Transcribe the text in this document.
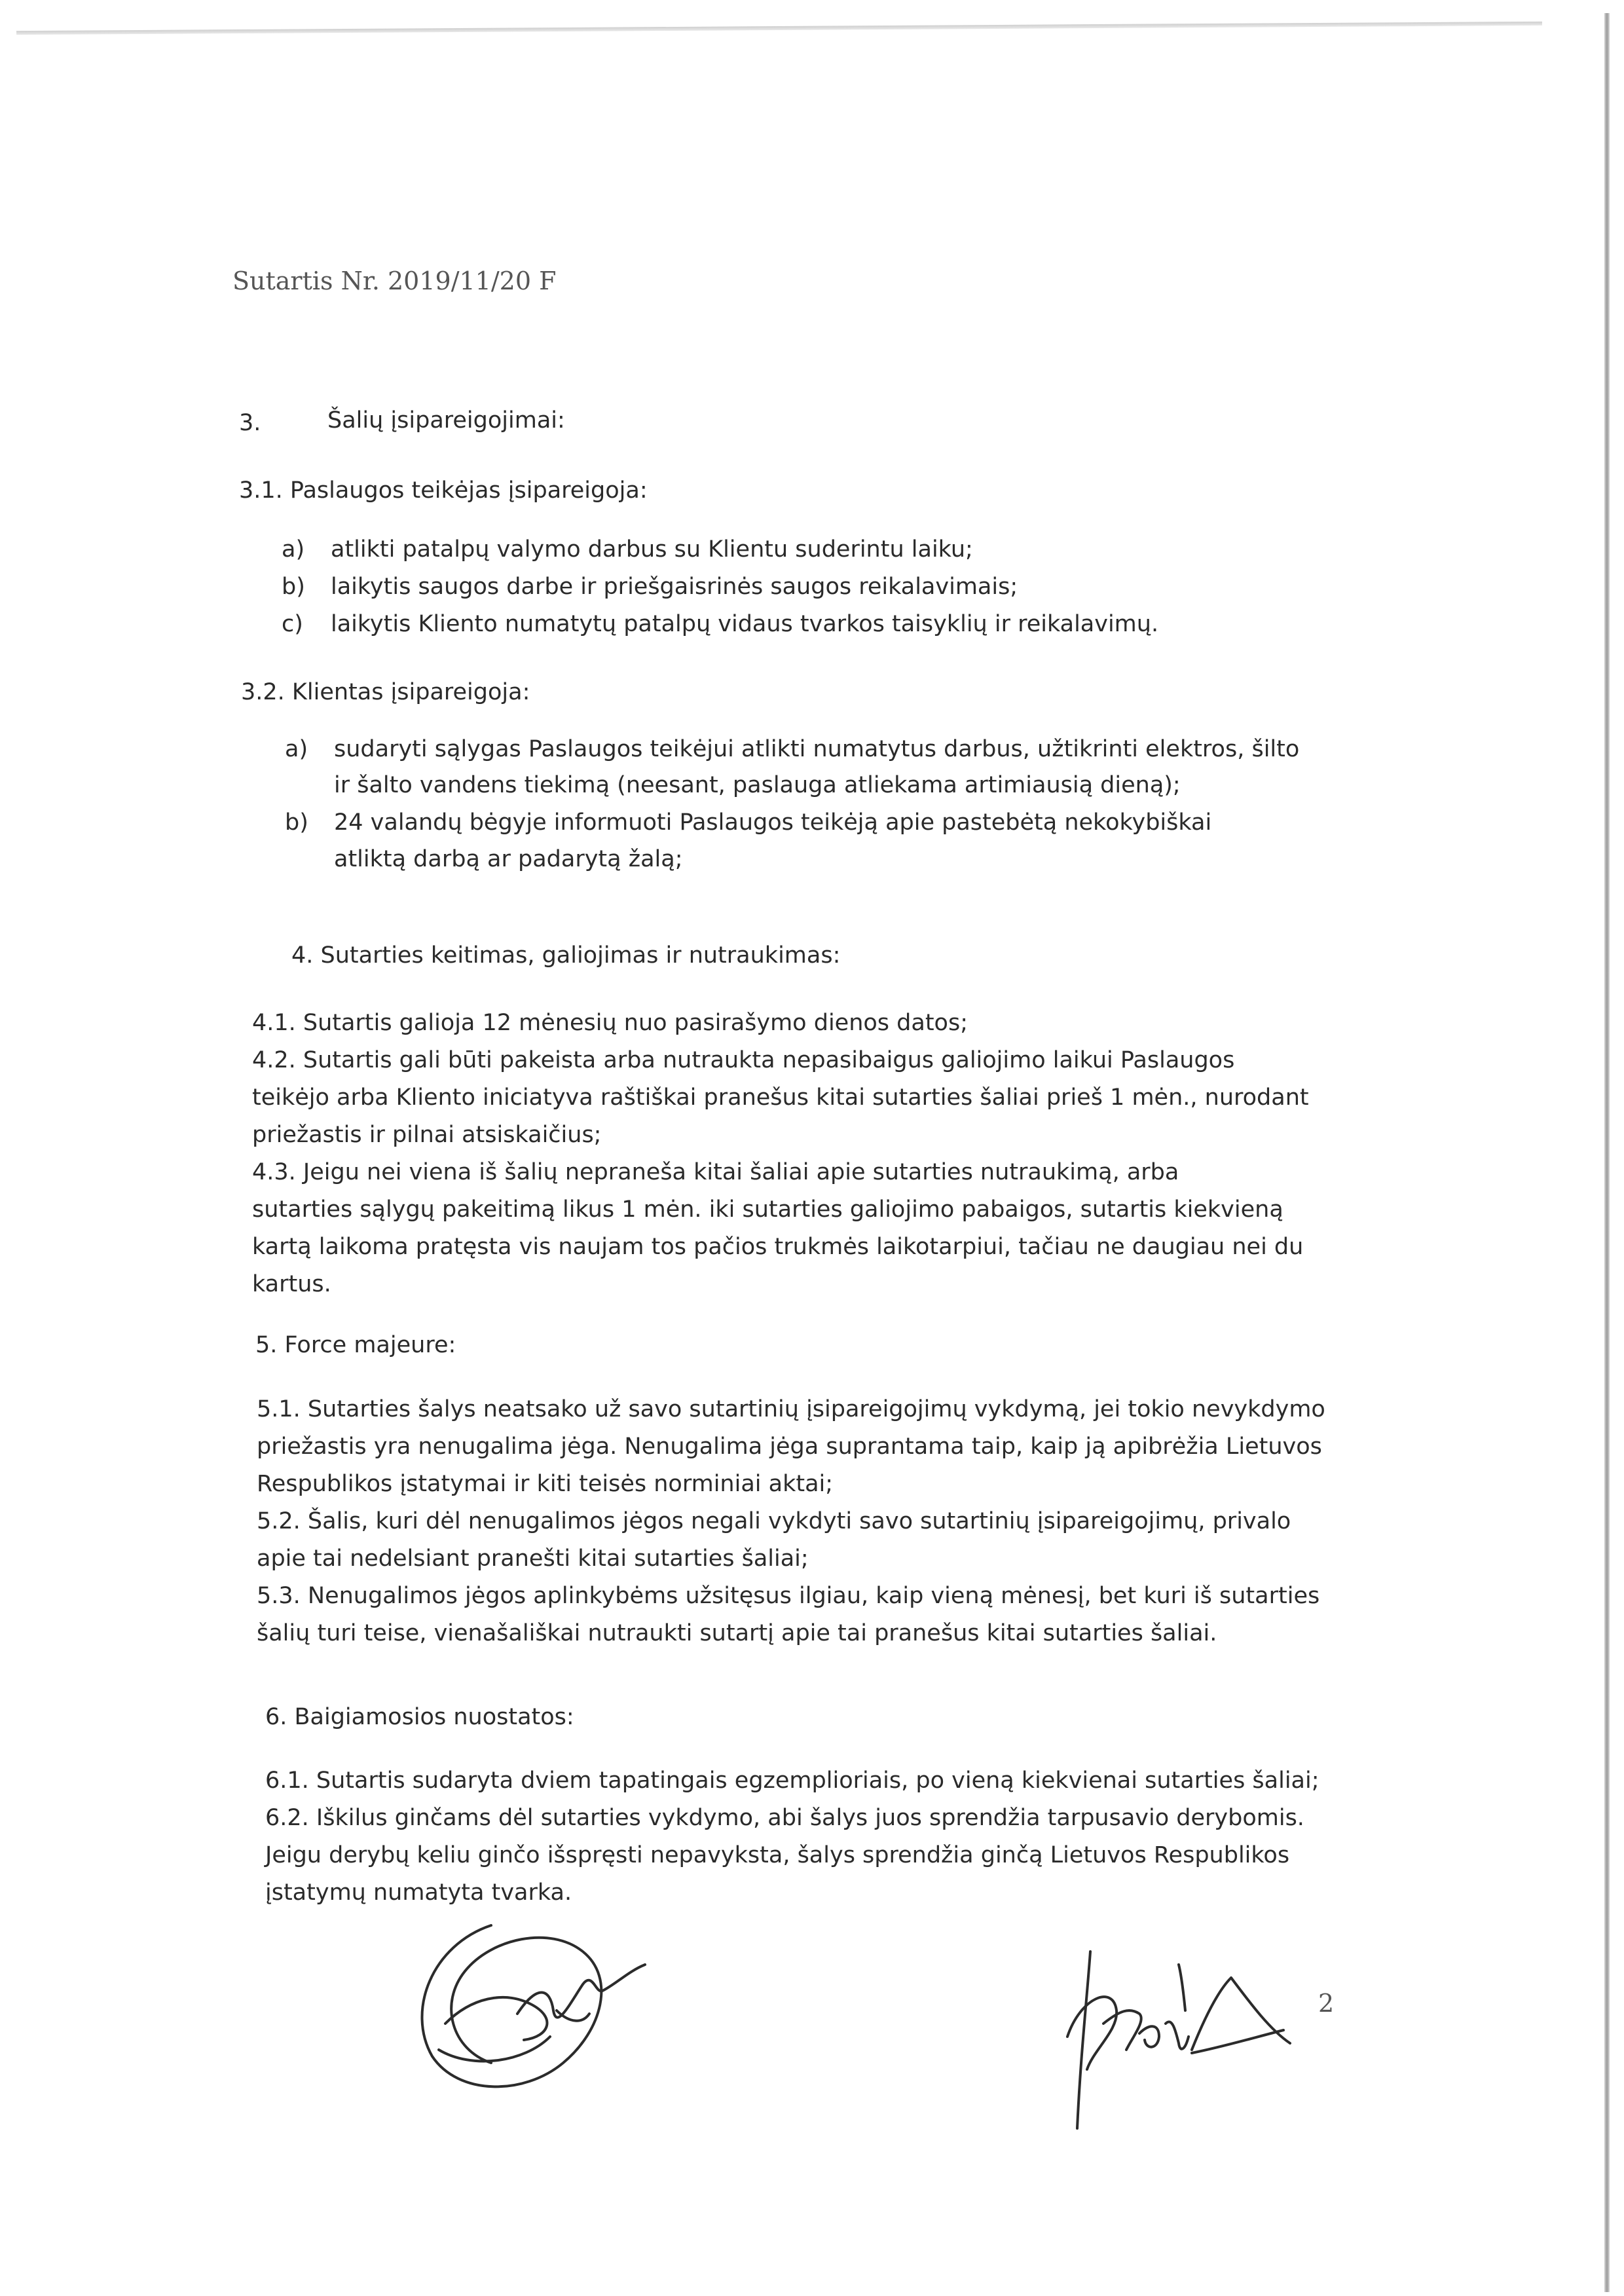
Sutartis Nr. 2019/11/20 F
3.	Šalių įsipareigojimai:
3.1. Paslaugos teikėjas įsipareigoja:
a) atlikti patalpų valymo darbus su Klientu suderintu laiku;
b) laikytis saugos darbe ir priešgaisrinės saugos reikalavimais;
c) laikytis Kliento numatytų patalpų vidaus tvarkos taisyklių ir reikalavimų.
3.2. Klientas įsipareigoja:
a) sudaryti sąlygas Paslaugos teikėjui atlikti numatytus darbus, užtikrinti elektros, šilto
ir šalto vandens tiekimą (neesant, paslauga atliekama artimiausią dieną);
b) 24 valandų bėgyje informuoti Paslaugos teikėją apie pastebėtą nekokybiškai
atliktą darbą ar padarytą žalą;
4. Sutarties keitimas, galiojimas ir nutraukimas:
4.1. Sutartis galioja 12 mėnesių nuo pasirašymo dienos datos;
4.2. Sutartis gali būti pakeista arba nutraukta nepasibaigus galiojimo laikui Paslaugos
teikėjo arba Kliento iniciatyva raštiškai pranešus kitai sutarties šaliai prieš 1 mėn., nurodant
priežastis ir pilnai atsiskaičius;
4.3. Jeigu nei viena iš šalių nepraneša kitai šaliai apie sutarties nutraukimą, arba
sutarties sąlygų pakeitimą likus 1 mėn. iki sutarties galiojimo pabaigos, sutartis kiekvieną
kartą laikoma pratęsta vis naujam tos pačios trukmės laikotarpiui, tačiau ne daugiau nei du
kartus.
5. Force majeure:
5.1. Sutarties šalys neatsako už savo sutartinių įsipareigojimų vykdymą, jei tokio nevykdymo
priežastis yra nenugalima jėga. Nenugalima jėga suprantama taip, kaip ją apibrėžia Lietuvos
Respublikos įstatymai ir kiti teisės norminiai aktai;
5.2. Šalis, kuri dėl nenugalimos jėgos negali vykdyti savo sutartinių įsipareigojimų, privalo
apie tai nedelsiant pranešti kitai sutarties šaliai;
5.3. Nenugalimos jėgos aplinkybėms užsitęsus ilgiau, kaip vieną mėnesį, bet kuri iš sutarties
šalių turi teise, vienašališkai nutraukti sutartį apie tai pranešus kitai sutarties šaliai.
6. Baigiamosios nuostatos:
6.1. Sutartis sudaryta dviem tapatingais egzemplioriais, po vieną kiekvienai sutarties šaliai;
6.2. Iškilus ginčams dėl sutarties vykdymo, abi šalys juos sprendžia tarpusavio derybomis.
Jeigu derybų keliu ginčo išspręsti nepavyksta, šalys sprendžia ginčą Lietuvos Respublikos
įstatymų numatyta tvarka.
2
